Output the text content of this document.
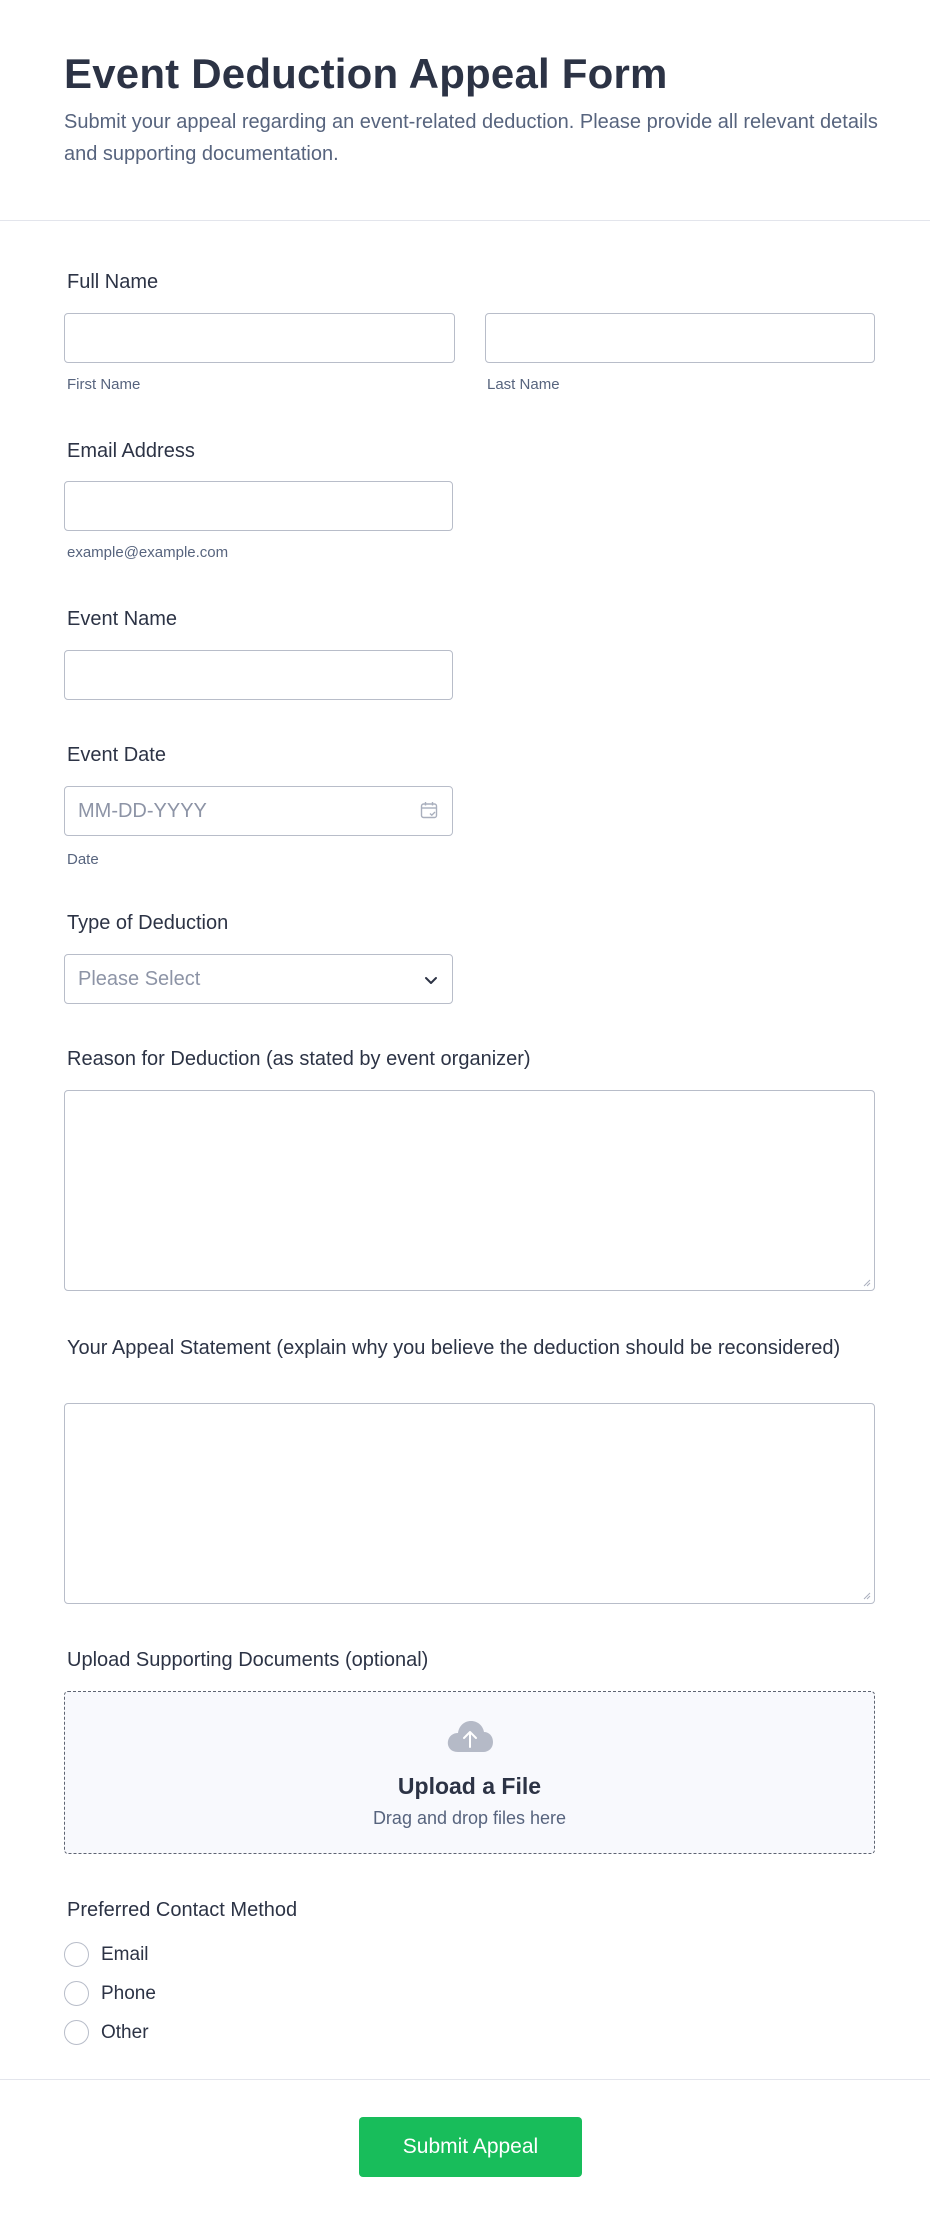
Event Deduction Appeal Form

Submit your appeal regarding an event-related deduction. Please provide all relevant details and supporting documentation.

Full Name
First Name	Last Name
Email Address
example@example.com
Event Name
Event Date
MM-DD-YYYY
Date
Type of Deduction
Please Select
Reason for Deduction (as stated by event organizer)
Your Appeal Statement (explain why you believe the deduction should be reconsidered)
Upload Supporting Documents (optional)
Upload a File
Drag and drop files here
Preferred Contact Method
Email
Phone
Other
Submit Appeal
